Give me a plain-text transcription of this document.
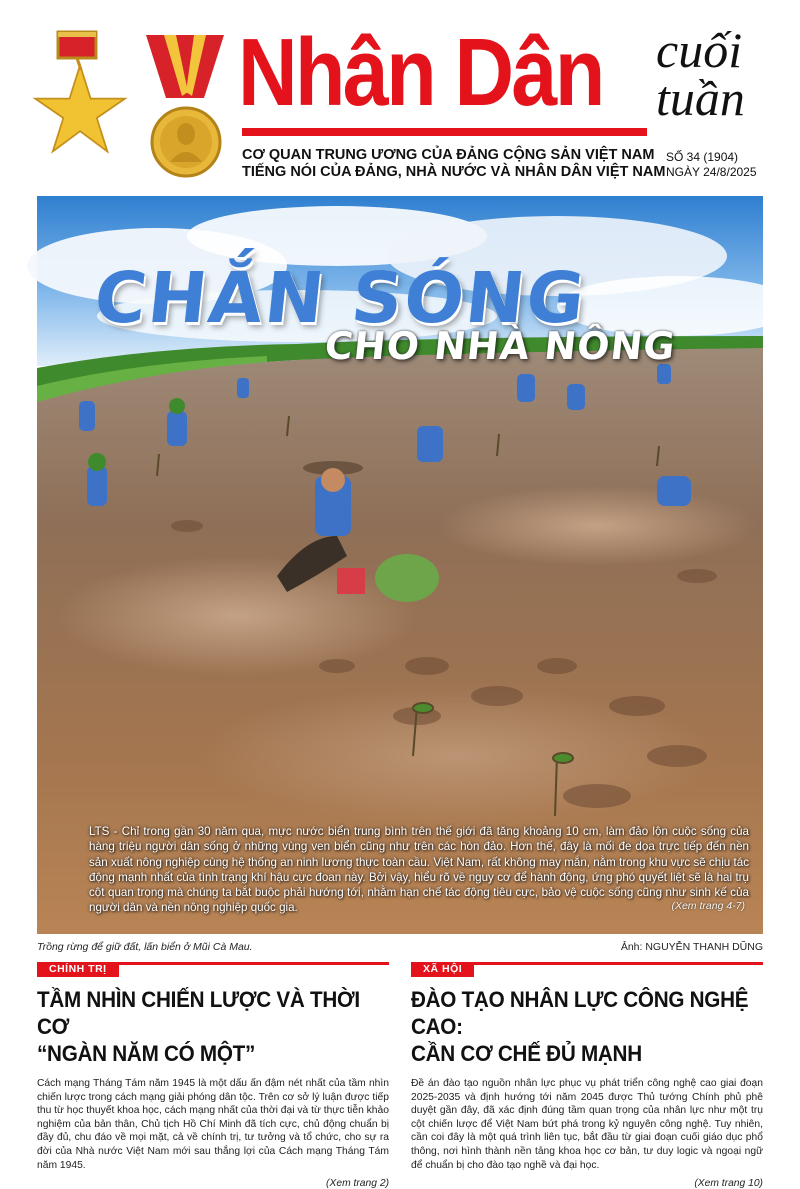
Nhân Dân cuối
tuần
CƠ QUAN TRUNG ƯƠNG CỦA ĐẢNG CỘNG SẢN VIỆT NAM
TIẾNG NÓI CỦA ĐẢNG, NHÀ NƯỚC VÀ NHÂN DÂN VIỆT NAM
SỐ 34 (1904)
NGÀY 24/8/2025
CHẮN SÓNG
CHO NHÀ NÔNG

LTS - Chỉ trong gần 30 năm qua, mực nước biển trung bình trên thế giới đã tăng khoảng 10 cm, làm đảo lộn cuộc sống của hàng triệu người dân sống ở những vùng ven biển cũng như trên các hòn đảo. Hơn thế, đây là mối đe dọa trực tiếp đến nền sản xuất nông nghiệp cùng hệ thống an ninh lương thực toàn cầu. Việt Nam, rất không may mắn, nằm trong khu vực sẽ chịu tác động mạnh nhất của tình trạng khí hậu cực đoan này. Bởi vậy, hiểu rõ về nguy cơ để hành động, ứng phó quyết liệt sẽ là hai trụ cột quan trọng mà chúng ta bắt buộc phải hướng tới, nhằm hạn chế tác động tiêu cực, bảo vệ cuộc sống cũng như sinh kế của người dân và nền nông nghiệp quốc gia.	(Xem trang 4-7)
Trồng rừng để giữ đất, lấn biển ở Mũi Cà Mau.	Ảnh: NGUYỄN THANH DŨNG
CHÍNH TRỊ
TẦM NHÌN CHIẾN LƯỢC VÀ THỜI CƠ
“NGÀN NĂM CÓ MỘT”

Cách mạng Tháng Tám năm 1945 là một dấu ấn đậm nét nhất của tầm nhìn chiến lược trong cách mạng giải phóng dân tộc. Trên cơ sở lý luận được tiếp thu từ học thuyết khoa học, cách mạng nhất của thời đại và từ thực tiễn khảo nghiệm của bản thân, Chủ tịch Hồ Chí Minh đã tích cực, chủ động chuẩn bị đầy đủ, chu đáo về mọi mặt, cả về chính trị, tư tưởng và tổ chức, cho sự ra đời của Nhà nước Việt Nam mới sau thắng lợi của Cách mạng Tháng Tám năm 1945.

(Xem trang 2)
XÃ HỘI
ĐÀO TẠO NHÂN LỰC CÔNG NGHỆ CAO:
CẦN CƠ CHẾ ĐỦ MẠNH

Đề án đào tạo nguồn nhân lực phục vụ phát triển công nghệ cao giai đoạn 2025-2035 và định hướng tới năm 2045 được Thủ tướng Chính phủ phê duyệt gần đây, đã xác định đúng tầm quan trọng của nhân lực như một trụ cột chiến lược để Việt Nam bứt phá trong kỷ nguyên công nghệ. Tuy nhiên, cần coi đây là một quá trình liên tục, bắt đầu từ giai đoạn cuối giáo dục phổ thông, nơi hình thành nền tảng khoa học cơ bản, tư duy logic và ngoại ngữ để chuẩn bị cho đào tạo nghề và đại học.

(Xem trang 10)
